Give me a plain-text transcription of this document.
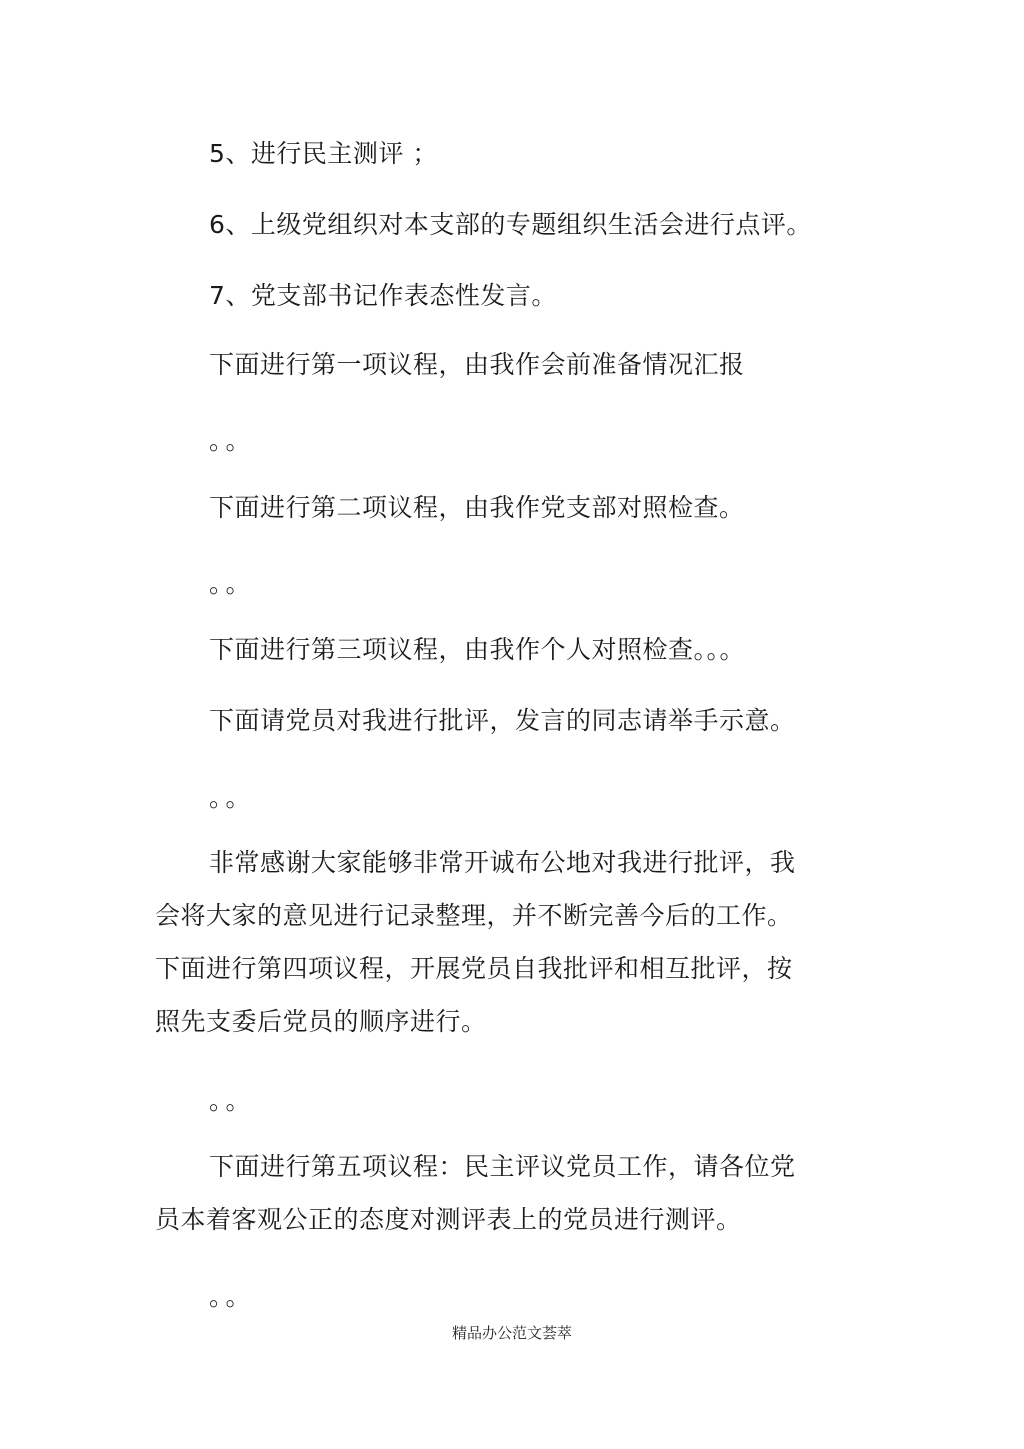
5、进行民主测评 ；
6、上级党组织对本支部的专题组织生活会进行点评。
7、党支部书记作表态性发言。
下面进行第一项议程，由我作会前准备情况汇报
。。
下面进行第二项议程，由我作党支部对照检查。
。。
下面进行第三项议程，由我作个人对照检查。。。
下面请党员对我进行批评，发言的同志请举手示意。
。。

非常感谢大家能够非常开诚布公地对我进行批评，我会将大家的意见进行记录整理，并不断完善今后的工作。下面进行第四项议程，开展党员自我批评和相互批评，按照先支委后党员的顺序进行。

。。

下面进行第五项议程：民主评议党员工作，请各位党员本着客观公正的态度对测评表上的党员进行测评。

。。
精品办公范文荟萃
